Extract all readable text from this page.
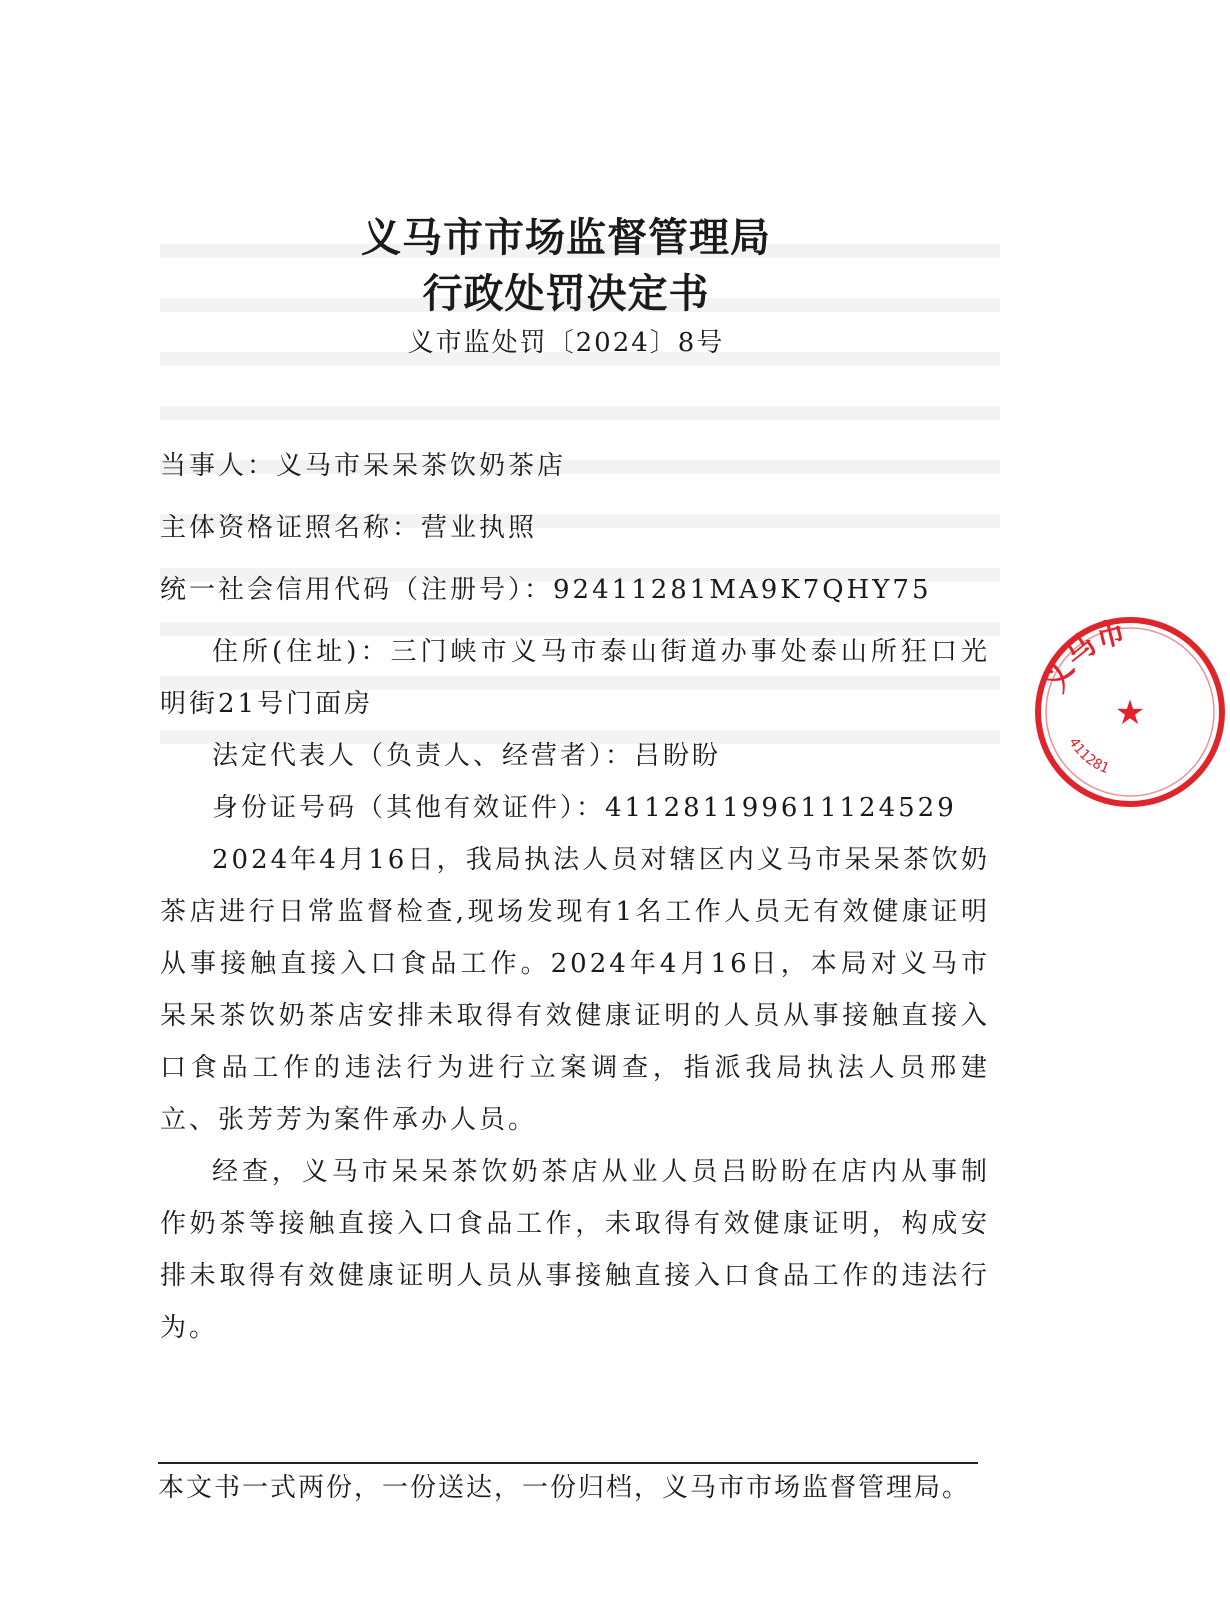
义马市市场监督管理局
行政处罚决定书
义市监处罚〔2024〕8号

当事人：义马市呆呆茶饮奶茶店

主体资格证照名称：营业执照

统一社会信用代码（注册号）：92411281MA9K7QHY75

住所(住址)：三门峡市义马市泰山街道办事处泰山所狂口光明街21号门面房

法定代表人（负责人、经营者）：吕盼盼

身份证号码（其他有效证件）：411281199611124529

2024年4月16日，我局执法人员对辖区内义马市呆呆茶饮奶茶店进行日常监督检查,现场发现有1名工作人员无有效健康证明从事接触直接入口食品工作。2024年4月16日，本局对义马市呆呆茶饮奶茶店安排未取得有效健康证明的人员从事接触直接入口食品工作的违法行为进行立案调查，指派我局执法人员邢建立、张芳芳为案件承办人员。

经查，义马市呆呆茶饮奶茶店从业人员吕盼盼在店内从事制作奶茶等接触直接入口食品工作，未取得有效健康证明，构成安排未取得有效健康证明人员从事接触直接入口食品工作的违法行为。

本文书一式两份，一份送达，一份归档，义马市市场监督管理局。
义马市
411281
★
